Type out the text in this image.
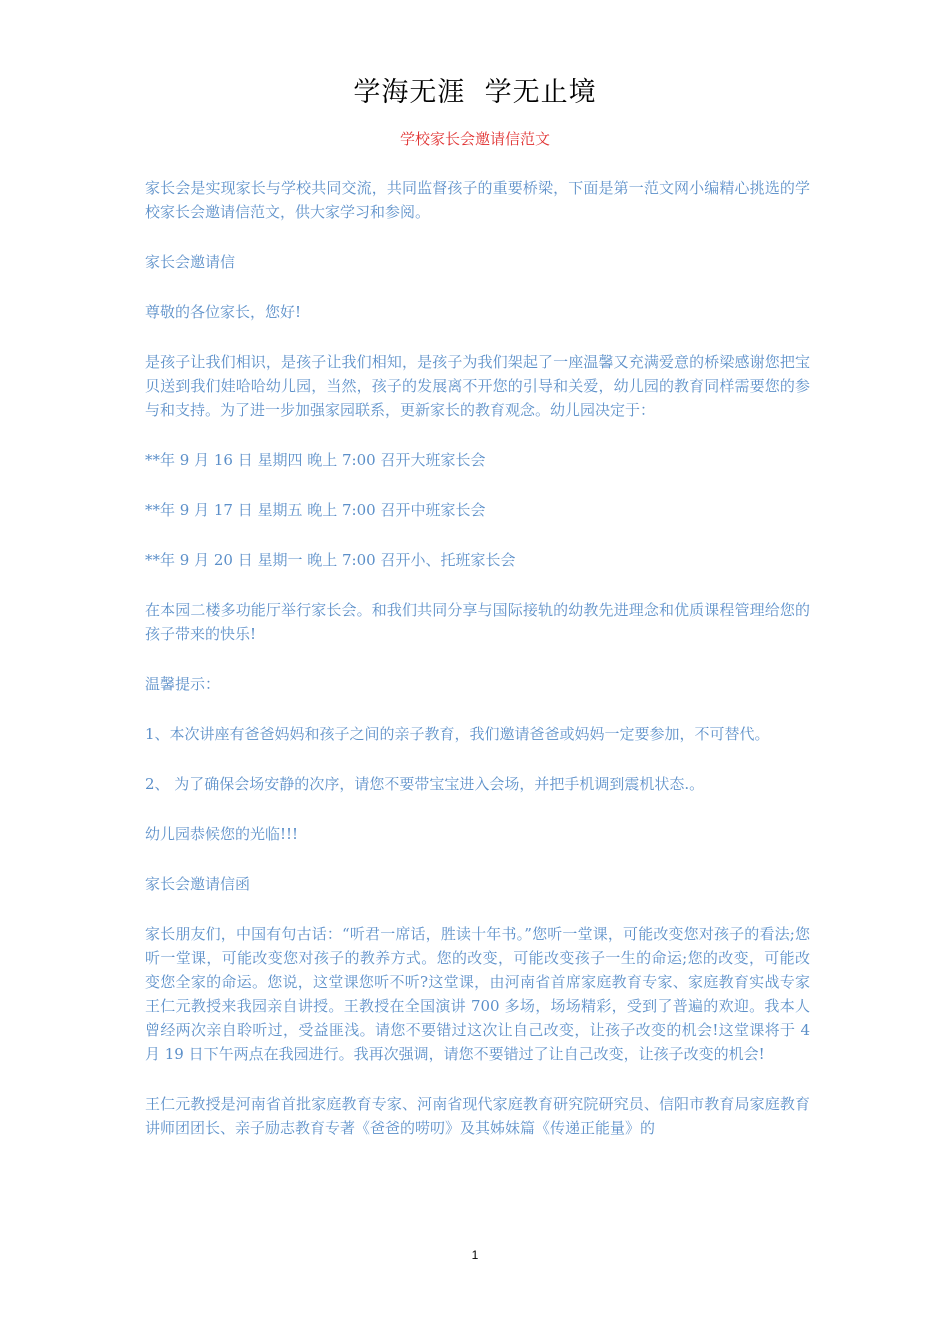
学海无涯  学无止境
学校家长会邀请信范文

家长会是实现家长与学校共同交流，共同监督孩子的重要桥梁，下面是第一范文网小编精心挑选的学校家长会邀请信范文，供大家学习和参阅。

家长会邀请信

尊敬的各位家长，您好!

是孩子让我们相识，是孩子让我们相知，是孩子为我们架起了一座温馨又充满爱意的桥梁感谢您把宝贝送到我们娃哈哈幼儿园，当然，孩子的发展离不开您的引导和关爱，幼儿园的教育同样需要您的参与和支持。为了进一步加强家园联系，更新家长的教育观念。幼儿园决定于：

**年 9 月 16 日 星期四 晚上 7:00 召开大班家长会

**年 9 月 17 日 星期五 晚上 7:00 召开中班家长会

**年 9 月 20 日 星期一 晚上 7:00 召开小、托班家长会

在本园二楼多功能厅举行家长会。和我们共同分享与国际接轨的幼教先进理念和优质课程管理给您的孩子带来的快乐!

温馨提示：

1、本次讲座有爸爸妈妈和孩子之间的亲子教育，我们邀请爸爸或妈妈一定要参加，不可替代。

2、 为了确保会场安静的次序，请您不要带宝宝进入会场，并把手机调到震机状态.。

幼儿园恭候您的光临!!!

家长会邀请信函

家长朋友们，中国有句古话：“听君一席话，胜读十年书。”您听一堂课，可能改变您对孩子的看法;您听一堂课，可能改变您对孩子的教养方式。您的改变，可能改变孩子一生的命运;您的改变，可能改变您全家的命运。您说，这堂课您听不听?这堂课，由河南省首席家庭教育专家、家庭教育实战专家王仁元教授来我园亲自讲授。王教授在全国演讲 700 多场，场场精彩，受到了普遍的欢迎。我本人曾经两次亲自聆听过，受益匪浅。请您不要错过这次让自己改变，让孩子改变的机会!这堂课将于 4 月 19 日下午两点在我园进行。我再次强调，请您不要错过了让自己改变，让孩子改变的机会!

王仁元教授是河南省首批家庭教育专家、河南省现代家庭教育研究院研究员、信阳市教育局家庭教育讲师团团长、亲子励志教育专著《爸爸的唠叨》及其姊妹篇《传递正能量》的

1
